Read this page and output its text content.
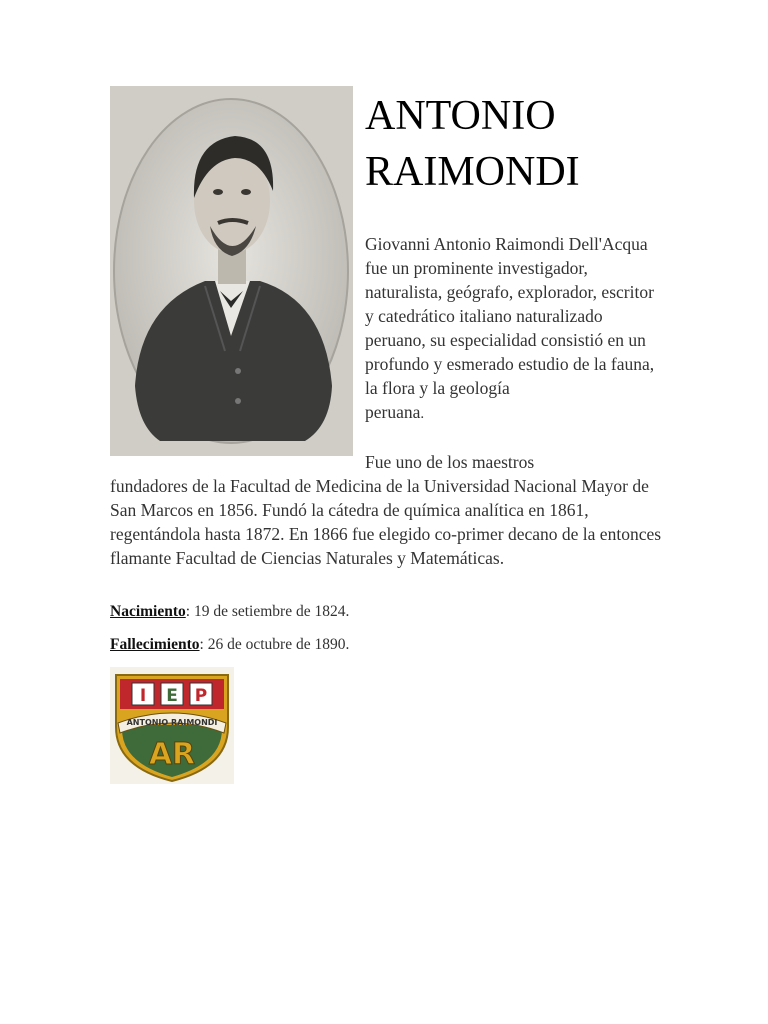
ANTONIO
RAIMONDI
Giovanni Antonio Raimondi Dell'Acqua fue un prominente investigador, naturalista, geógrafo, explorador, escritor y catedrático italiano naturalizado peruano, su especialidad consistió en un profundo y esmerado estudio de la fauna, la flora y la geología
peruana.
Fue uno de los maestros
fundadores de la Facultad de Medicina de la Universidad Nacional Mayor de San Marcos en 1856. Fundó la cátedra de química analítica en 1861, regentándola hasta 1872. En 1866 fue elegido co-primer decano de la entonces flamante Facultad de Ciencias Naturales y Matemáticas.
Nacimiento: 19 de setiembre de 1824.
Fallecimiento: 26 de octubre de 1890.
I E P
ANTONIO RAIMONDI
AR
